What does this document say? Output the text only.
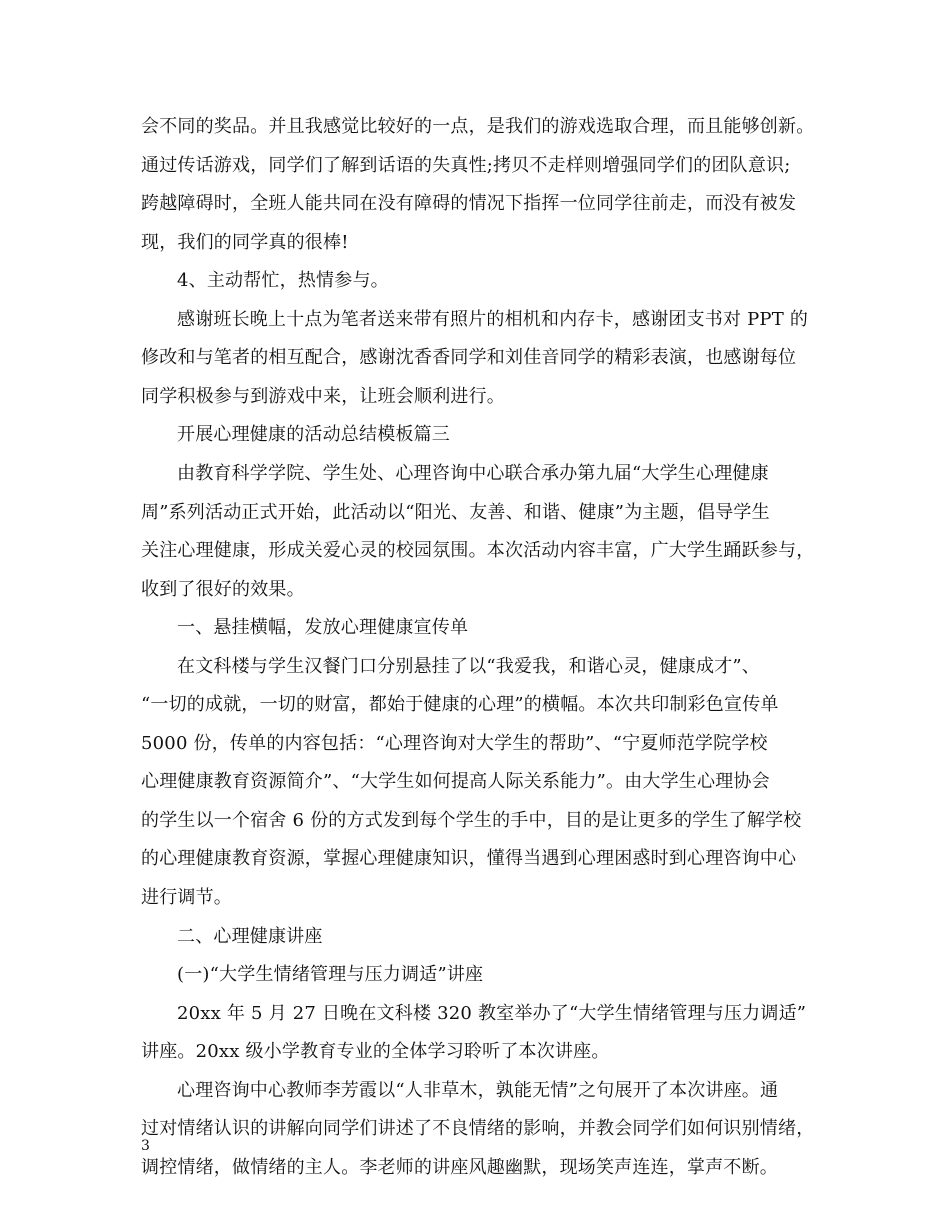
会不同的奖品。并且我感觉比较好的一点，是我们的游戏选取合理，而且能够创新。
通过传话游戏，同学们了解到话语的失真性;拷贝不走样则增强同学们的团队意识;
跨越障碍时，全班人能共同在没有障碍的情况下指挥一位同学往前走，而没有被发
现，我们的同学真的很棒!
4、主动帮忙，热情参与。
感谢班长晚上十点为笔者送来带有照片的相机和内存卡，感谢团支书对 PPT 的
修改和与笔者的相互配合，感谢沈香香同学和刘佳音同学的精彩表演，也感谢每位
同学积极参与到游戏中来，让班会顺利进行。
开展心理健康的活动总结模板篇三
由教育科学学院、学生处、心理咨询中心联合承办第九届“大学生心理健康
周”系列活动正式开始，此活动以“阳光、友善、和谐、健康”为主题，倡导学生
关注心理健康，形成关爱心灵的校园氛围。本次活动内容丰富，广大学生踊跃参与，
收到了很好的效果。
一、悬挂横幅，发放心理健康宣传单
在文科楼与学生汉餐门口分别悬挂了以“我爱我，和谐心灵，健康成才”、
“一切的成就，一切的财富，都始于健康的心理”的横幅。本次共印制彩色宣传单
5000 份，传单的内容包括：“心理咨询对大学生的帮助”、“宁夏师范学院学校
心理健康教育资源简介”、“大学生如何提高人际关系能力”。由大学生心理协会
的学生以一个宿舍 6 份的方式发到每个学生的手中，目的是让更多的学生了解学校
的心理健康教育资源，掌握心理健康知识，懂得当遇到心理困惑时到心理咨询中心
进行调节。
二、心理健康讲座
(一)“大学生情绪管理与压力调适”讲座
20xx 年 5 月 27 日晚在文科楼 320 教室举办了“大学生情绪管理与压力调适”
讲座。20xx 级小学教育专业的全体学习聆听了本次讲座。
心理咨询中心教师李芳霞以“人非草木，孰能无情”之句展开了本次讲座。通
过对情绪认识的讲解向同学们讲述了不良情绪的影响，并教会同学们如何识别情绪，
调控情绪，做情绪的主人。李老师的讲座风趣幽默，现场笑声连连，掌声不断。
3
